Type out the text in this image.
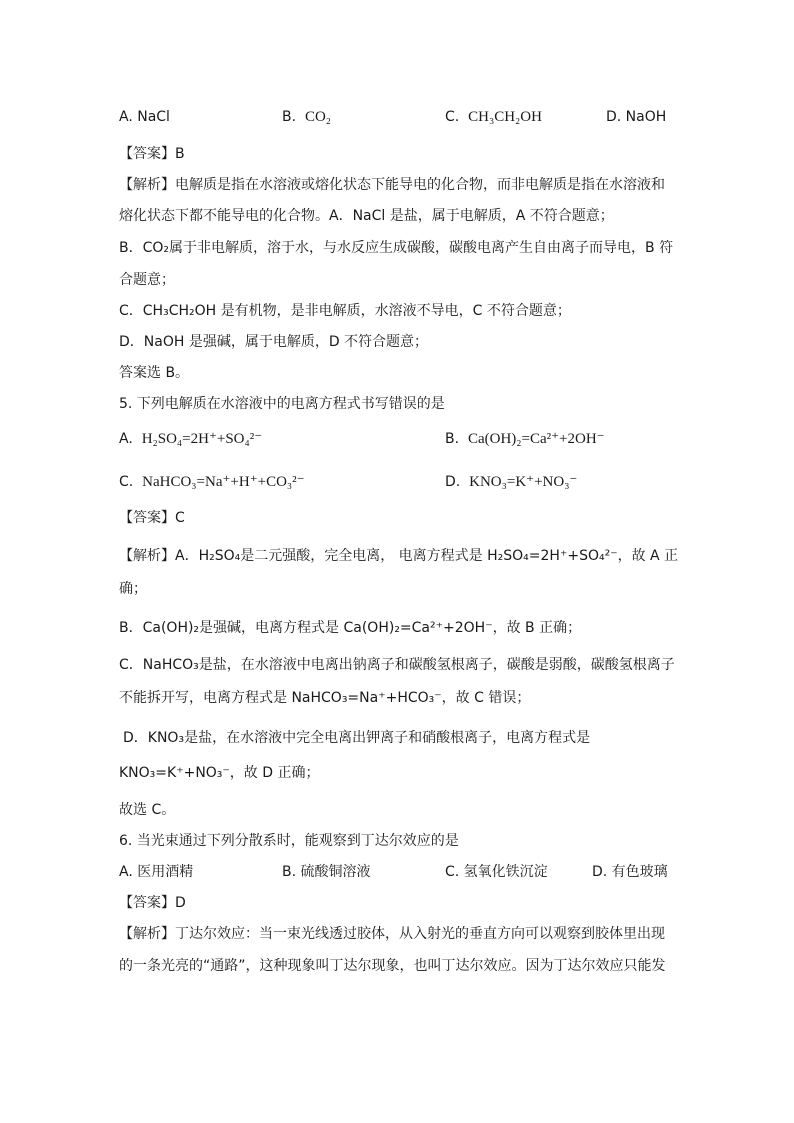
A. NaCl	B. CO₂	C. CH₃CH₂OH	D. NaOH
【答案】B
【解析】电解质是指在水溶液或熔化状态下能导电的化合物，而非电解质是指在水溶液和
熔化状态下都不能导电的化合物。A．NaCl 是盐，属于电解质，A 不符合题意；
B．CO₂属于非电解质，溶于水，与水反应生成碳酸，碳酸电离产生自由离子而导电，B 符
合题意；
C．CH₃CH₂OH 是有机物，是非电解质，水溶液不导电，C 不符合题意；
D．NaOH 是强碱，属于电解质，D 不符合题意；
答案选 B。
5. 下列电解质在水溶液中的电离方程式书写错误的是
A. H₂SO₄=2H⁺+SO₄²⁻	B. Ca(OH)₂=Ca²⁺+2OH⁻
C. NaHCO₃=Na⁺+H⁺+CO₃²⁻	D. KNO₃=K⁺+NO₃⁻
【答案】C
【解析】A．H₂SO₄是二元强酸，完全电离， 电离方程式是 H₂SO₄=2H⁺+SO₄²⁻，故 A 正
确；
B．Ca(OH)₂是强碱，电离方程式是 Ca(OH)₂=Ca²⁺+2OH⁻，故 B 正确；
C．NaHCO₃是盐，在水溶液中电离出钠离子和碳酸氢根离子，碳酸是弱酸，碳酸氢根离子
不能拆开写，电离方程式是 NaHCO₃=Na⁺+HCO₃⁻，故 C 错误；
D．KNO₃是盐，在水溶液中完全电离出钾离子和硝酸根离子，电离方程式是
KNO₃=K⁺+NO₃⁻，故 D 正确；
故选 C。
6. 当光束通过下列分散系时，能观察到丁达尔效应的是
A. 医用酒精	B. 硫酸铜溶液	C. 氢氧化铁沉淀	D. 有色玻璃
【答案】D
【解析】丁达尔效应：当一束光线透过胶体，从入射光的垂直方向可以观察到胶体里出现
的一条光亮的“通路”，这种现象叫丁达尔现象，也叫丁达尔效应。因为丁达尔效应只能发
